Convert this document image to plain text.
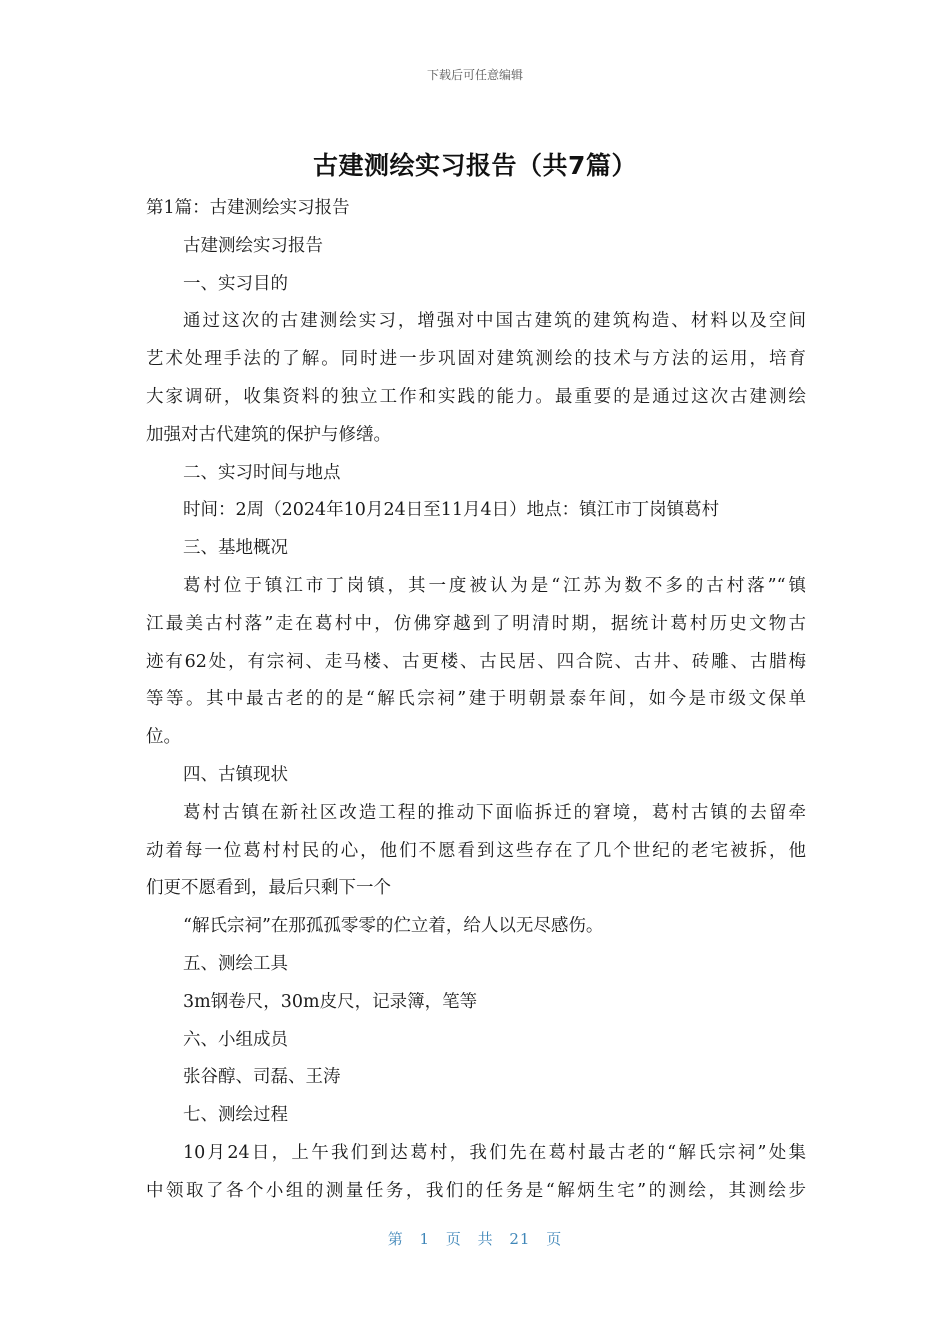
下载后可任意编辑
古建测绘实习报告（共7篇）
第1篇：古建测绘实习报告
古建测绘实习报告
一、实习目的
通过这次的古建测绘实习，增强对中国古建筑的建筑构造、材料以及空间
艺术处理手法的了解。同时进一步巩固对建筑测绘的技术与方法的运用，培育
大家调研，收集资料的独立工作和实践的能力。最重要的是通过这次古建测绘
加强对古代建筑的保护与修缮。
二、实习时间与地点
时间：2周（2024年10月24日至11月4日）地点：镇江市丁岗镇葛村
三、基地概况
葛村位于镇江市丁岗镇，其一度被认为是“江苏为数不多的古村落”“镇
江最美古村落”走在葛村中，仿佛穿越到了明清时期，据统计葛村历史文物古
迹有62处，有宗祠、走马楼、古更楼、古民居、四合院、古井、砖雕、古腊梅
等等。其中最古老的的是“解氏宗祠”建于明朝景泰年间，如今是市级文保单
位。
四、古镇现状
葛村古镇在新社区改造工程的推动下面临拆迁的窘境，葛村古镇的去留牵
动着每一位葛村村民的心，他们不愿看到这些存在了几个世纪的老宅被拆，他
们更不愿看到，最后只剩下一个
“解氏宗祠”在那孤孤零零的伫立着，给人以无尽感伤。
五、测绘工具
3m钢卷尺，30m皮尺，记录簿，笔等
六、小组成员
张谷醇、司磊、王涛
七、测绘过程
10月24日，上午我们到达葛村，我们先在葛村最古老的“解氏宗祠”处集
中领取了各个小组的测量任务，我们的任务是“解炳生宅”的测绘，其测绘步
第 1 页 共 21 页
